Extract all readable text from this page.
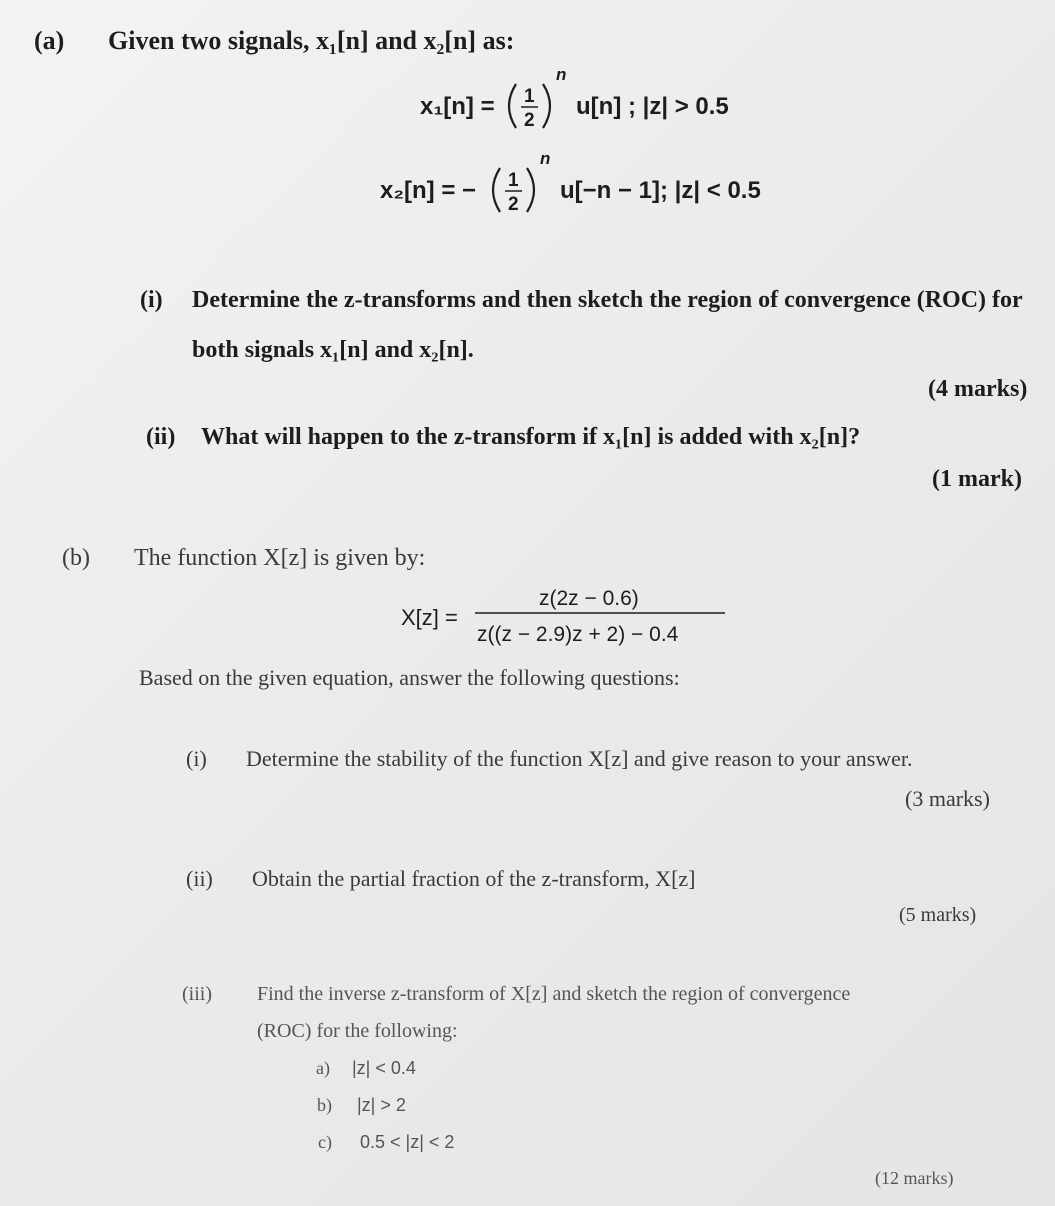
(a) Given two signals, x₁[n] and x₂[n] as:
x₁[n] = 1
2
n
u[n] ; |z| > 0.5
x₂[n] = − 1
2
n
u[−n − 1]; |z| < 0.5
(i) Determine the z-transforms and then sketch the region of convergence (ROC) for
both signals x₁[n] and x₂[n].
(4 marks)
(ii) What will happen to the z-transform if x₁[n] is added with x₂[n]?
(1 mark)
(b) The function X[z] is given by:
X[z] =
z(2z − 0.6)
z((z − 2.9)z + 2) − 0.4
Based on the given equation, answer the following questions:
(i) Determine the stability of the function X[z] and give reason to your answer.
(3 marks)
(ii) Obtain the partial fraction of the z-transform, X[z]
(5 marks)
(iii) Find the inverse z-transform of X[z] and sketch the region of convergence
(ROC) for the following:
a) |z| < 0.4
b) |z| > 2
c) 0.5 < |z| < 2
(12 marks)
